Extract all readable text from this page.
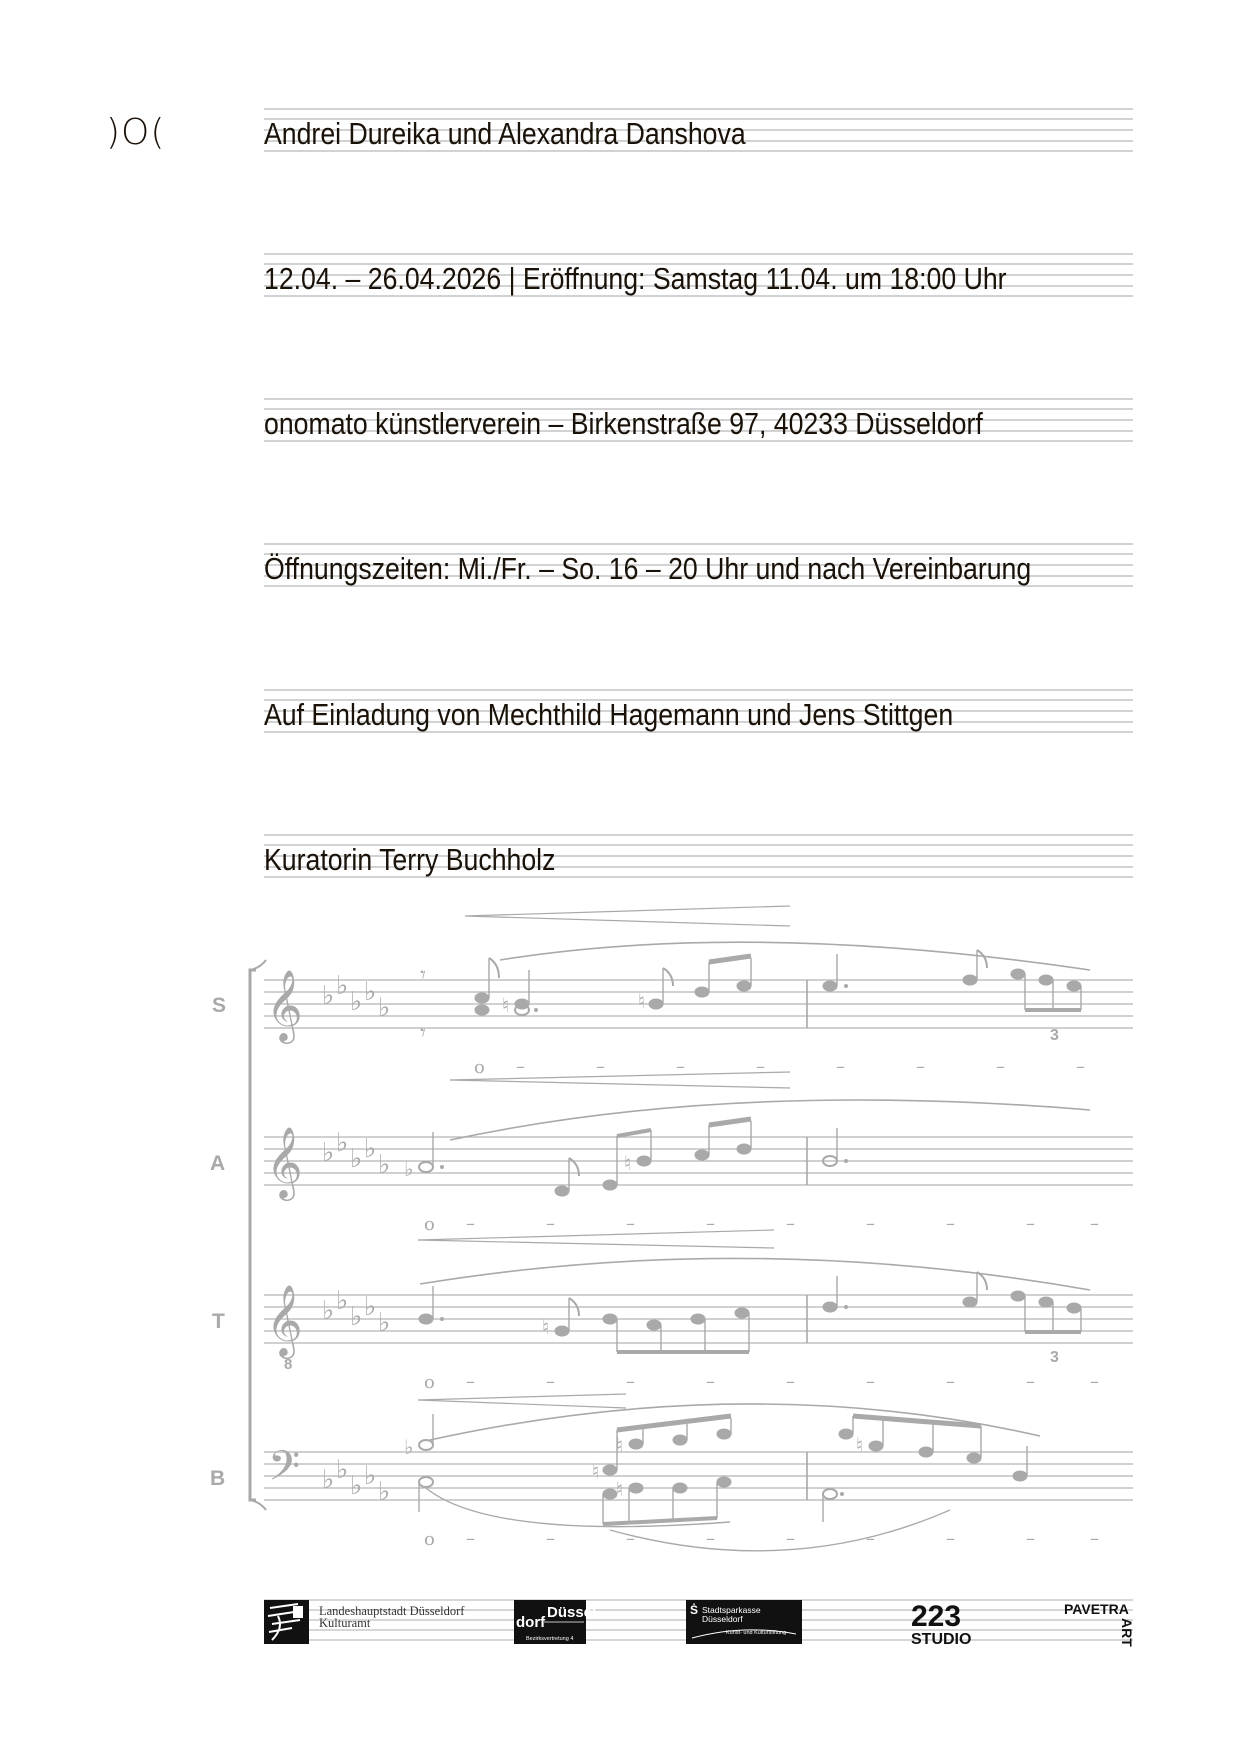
)O(	Andrei Dureika und Alexandra Danshova
12.04. – 26.04.2026 | Eröffnung: Samstag 11.04. um 18:00 Uhr
onomato künstlerverein – Birkenstraße 97, 40233 Düsseldorf
Öffnungszeiten: Mi./Fr. – So. 16 – 20 Uhr und nach Vereinbarung
Auf Einladung von Mechthild Hagemann und Jens Stittgen
Kuratorin Terry Buchholz
♭ ♭
♭ ♭
♭
S
A
T
B
𝄞	𝄾
𝄾
♮	♮
3
o –	–	–	–	–	–	–	–
𝄞	♭	♮
o –	–	–	–	–	–	–	–	–
𝄞
8
♮
3
o –	–	–	–	–	–	–	–	–
𝄢	♭
♮
♮
♮
♮
o –	–	–	–	–	–	–	–	–
Landeshauptstadt Düsseldorf
Kulturamt
Düssel
dorf
Bezirksvertretung 4
Ṡ Stadtsparkasse
Düsseldorf
Kunst- und Kulturstiftung	223
STUDIO
PAVETRA
ART
